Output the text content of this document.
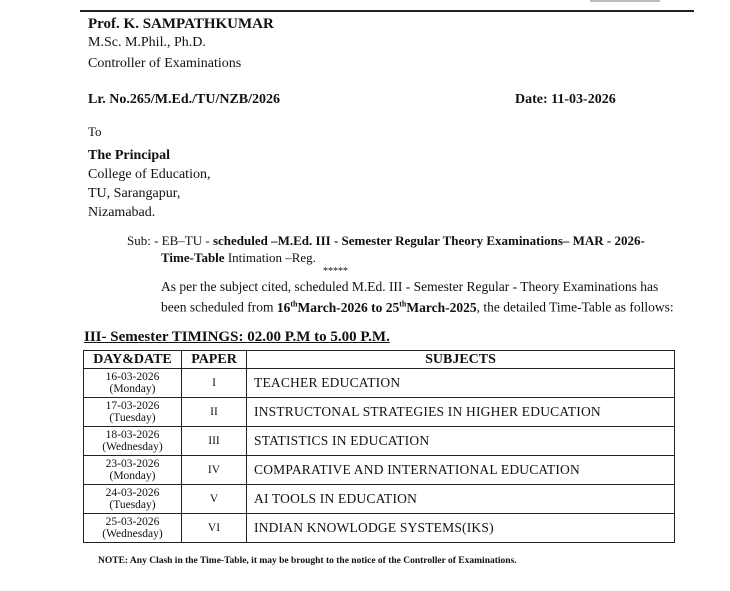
Prof. K. SAMPATHKUMAR
M.Sc. M.Phil., Ph.D.
Controller of Examinations
Lr. No.265/M.Ed./TU/NZB/2026	Date: 11-03-2026
To
The Principal
College of Education,
TU, Sarangapur,
Nizamabad.
Sub: - EB–TU - scheduled –M.Ed. III - Semester Regular Theory Examinations– MAR - 2026-
Time-Table Intimation –Reg.
*****
As per the subject cited, scheduled M.Ed. III - Semester Regular - Theory Examinations has been scheduled from 16thMarch-2026 to 25thMarch-2025, the detailed Time-Table as follows:
III- Semester TIMINGS: 02.00 P.M to 5.00 P.M.
DAY&DATE	PAPER	SUBJECTS

16-03-2026
(Monday)	I	TEACHER EDUCATION

17-03-2026
(Tuesday)	II	INSTRUCTONAL STRATEGIES IN HIGHER EDUCATION

18-03-2026
(Wednesday)	III	STATISTICS IN EDUCATION

23-03-2026
(Monday)	IV	COMPARATIVE AND INTERNATIONAL EDUCATION

24-03-2026
(Tuesday)	V	AI TOOLS IN EDUCATION

25-03-2026
(Wednesday)	VI	INDIAN KNOWLODGE SYSTEMS(IKS)
NOTE: Any Clash in the Time-Table, it may be brought to the notice of the Controller of Examinations.
